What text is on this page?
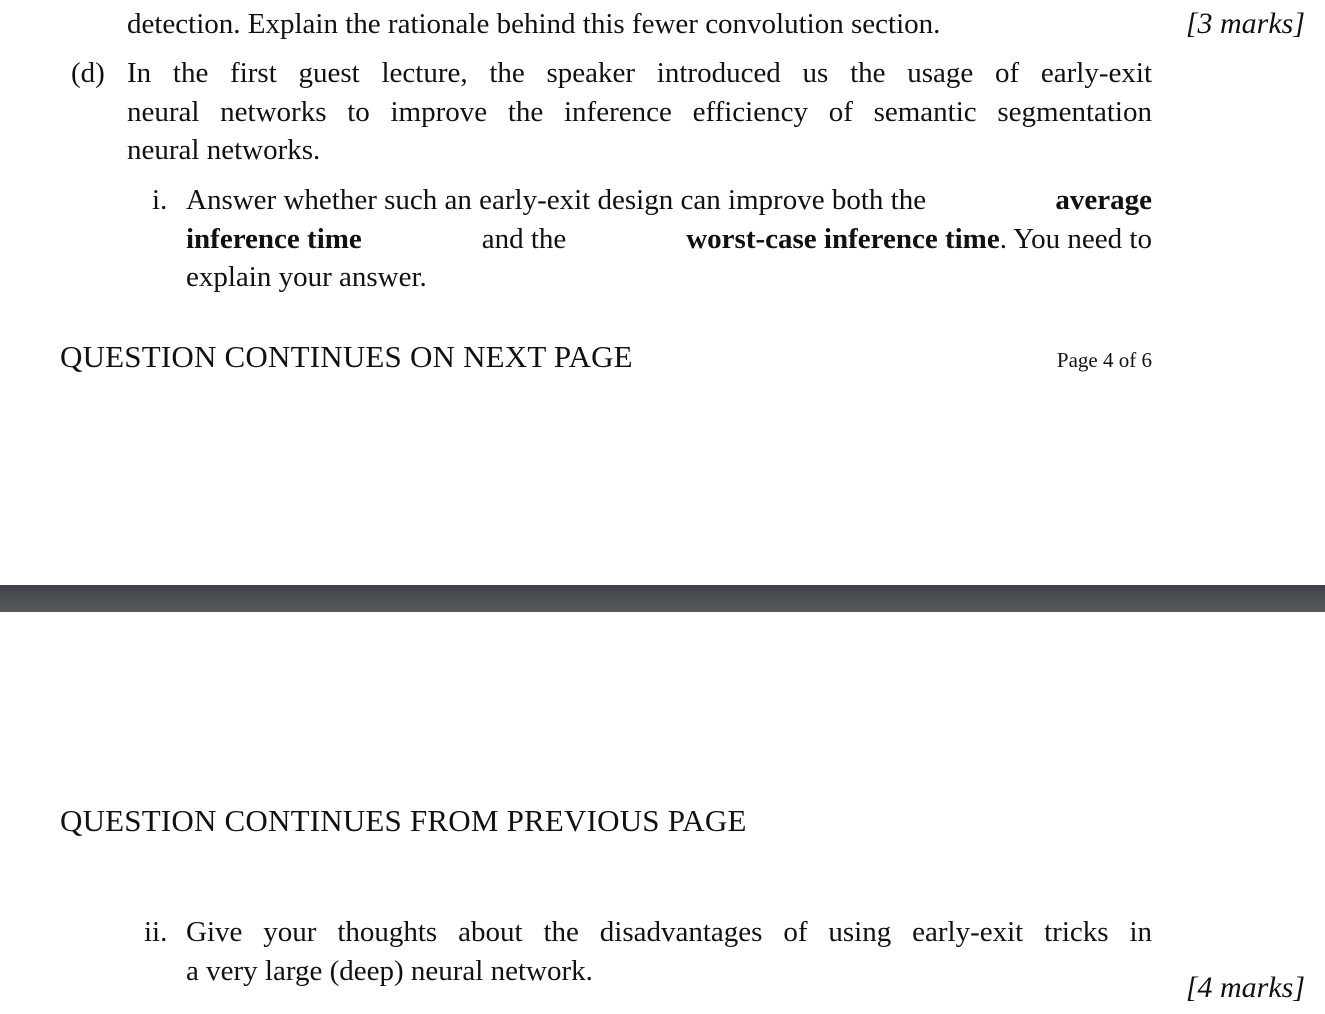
detection. Explain the rationale behind this fewer convolution section.	[3 marks]
(d) In the first guest lecture, the speaker introduced us the usage of early-exit
neural networks to improve the inference efficiency of semantic segmentation
neural networks.
i. Answer whether such an early-exit design can improve both the	average
inference time	and the	worst-case inference time. You need to
explain your answer.
QUESTION CONTINUES ON NEXT PAGE	Page 4 of 6
QUESTION CONTINUES FROM PREVIOUS PAGE
ii. Give your thoughts about the disadvantages of using early-exit tricks in
a very large (deep) neural network.	[4 marks]
